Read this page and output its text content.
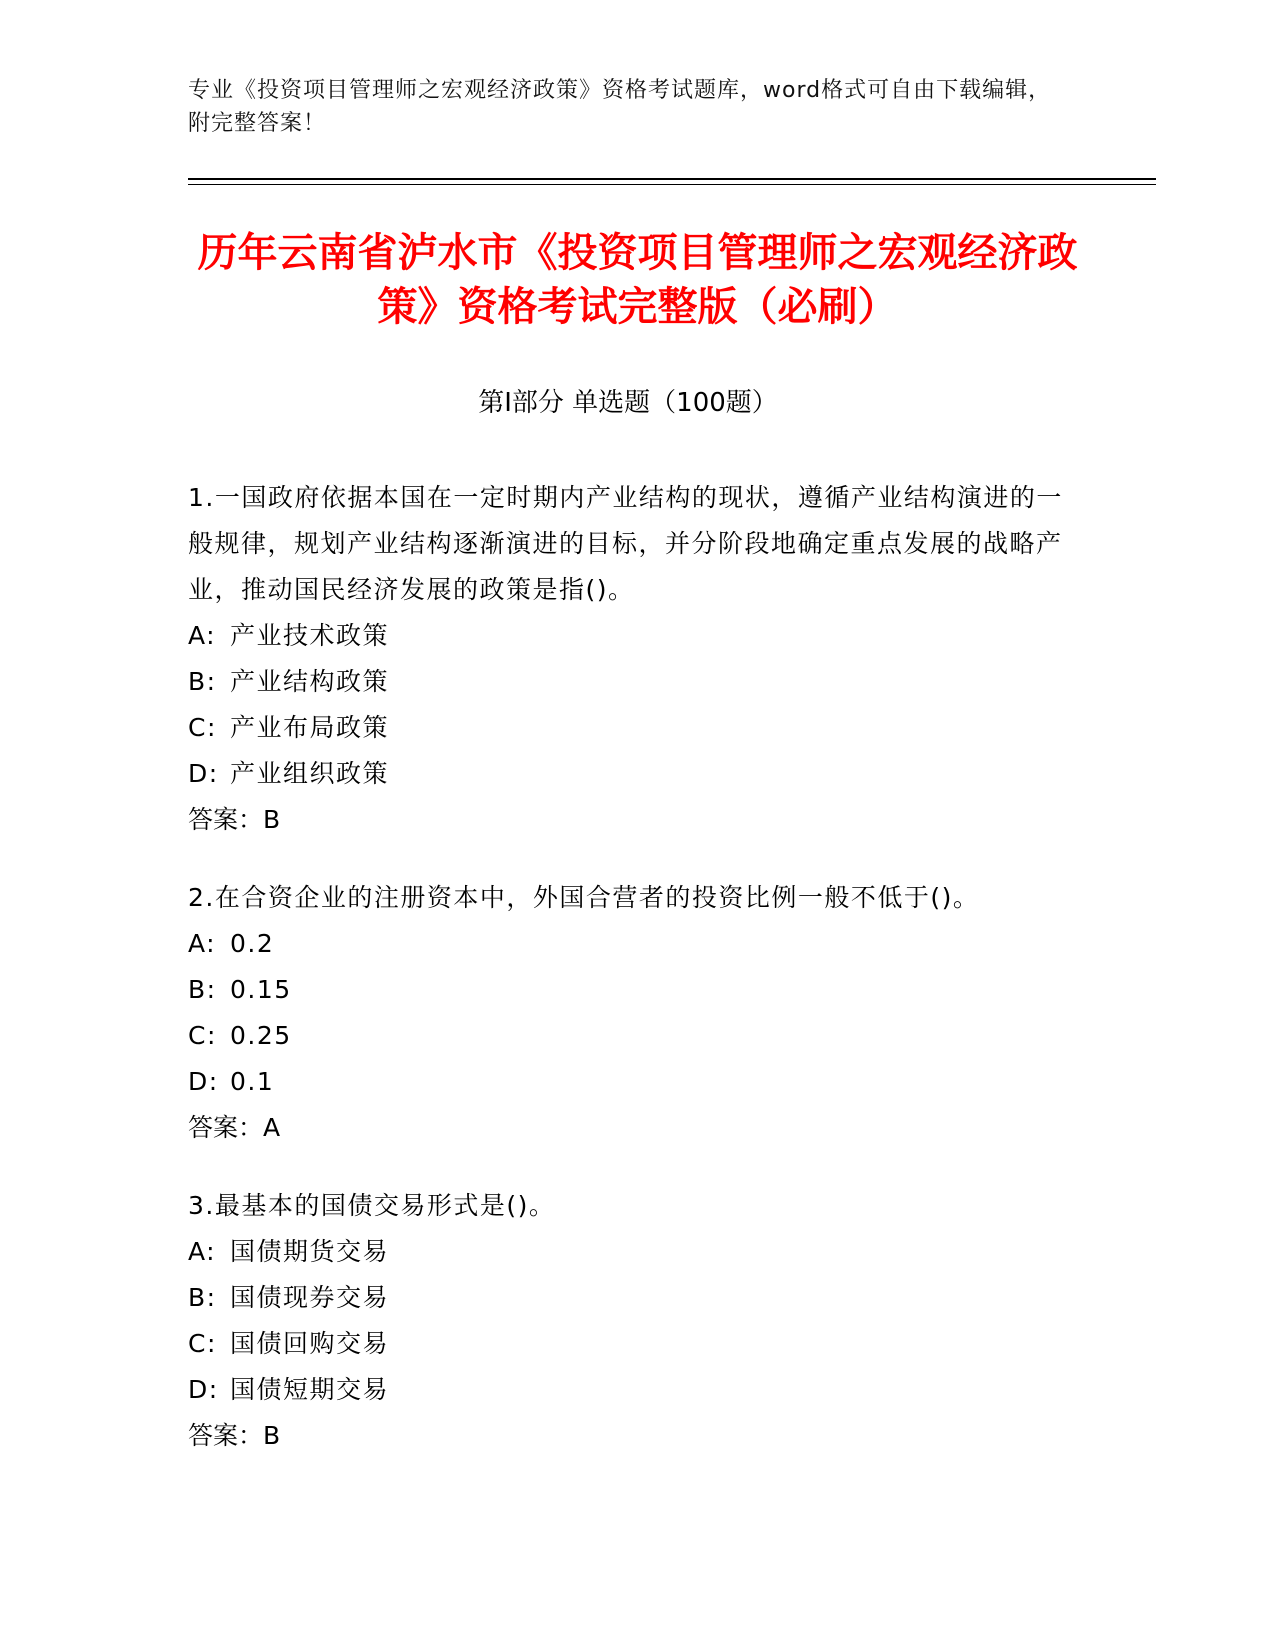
专业《投资项目管理师之宏观经济政策》资格考试题库，word格式可自由下载编辑，附完整答案！
历年云南省泸水市《投资项目管理师之宏观经济政策》资格考试完整版（必刷）
第Ⅰ部分 单选题（100题）
1.一国政府依据本国在一定时期内产业结构的现状，遵循产业结构演进的一般规律，规划产业结构逐渐演进的目标，并分阶段地确定重点发展的战略产业，推动国民经济发展的政策是指()。
A: 产业技术政策
B: 产业结构政策
C: 产业布局政策
D: 产业组织政策
答案：B
2.在合资企业的注册资本中，外国合营者的投资比例一般不低于()。
A: 0.2
B: 0.15
C: 0.25
D: 0.1
答案：A
3.最基本的国债交易形式是()。
A: 国债期货交易
B: 国债现券交易
C: 国债回购交易
D: 国债短期交易
答案：B
